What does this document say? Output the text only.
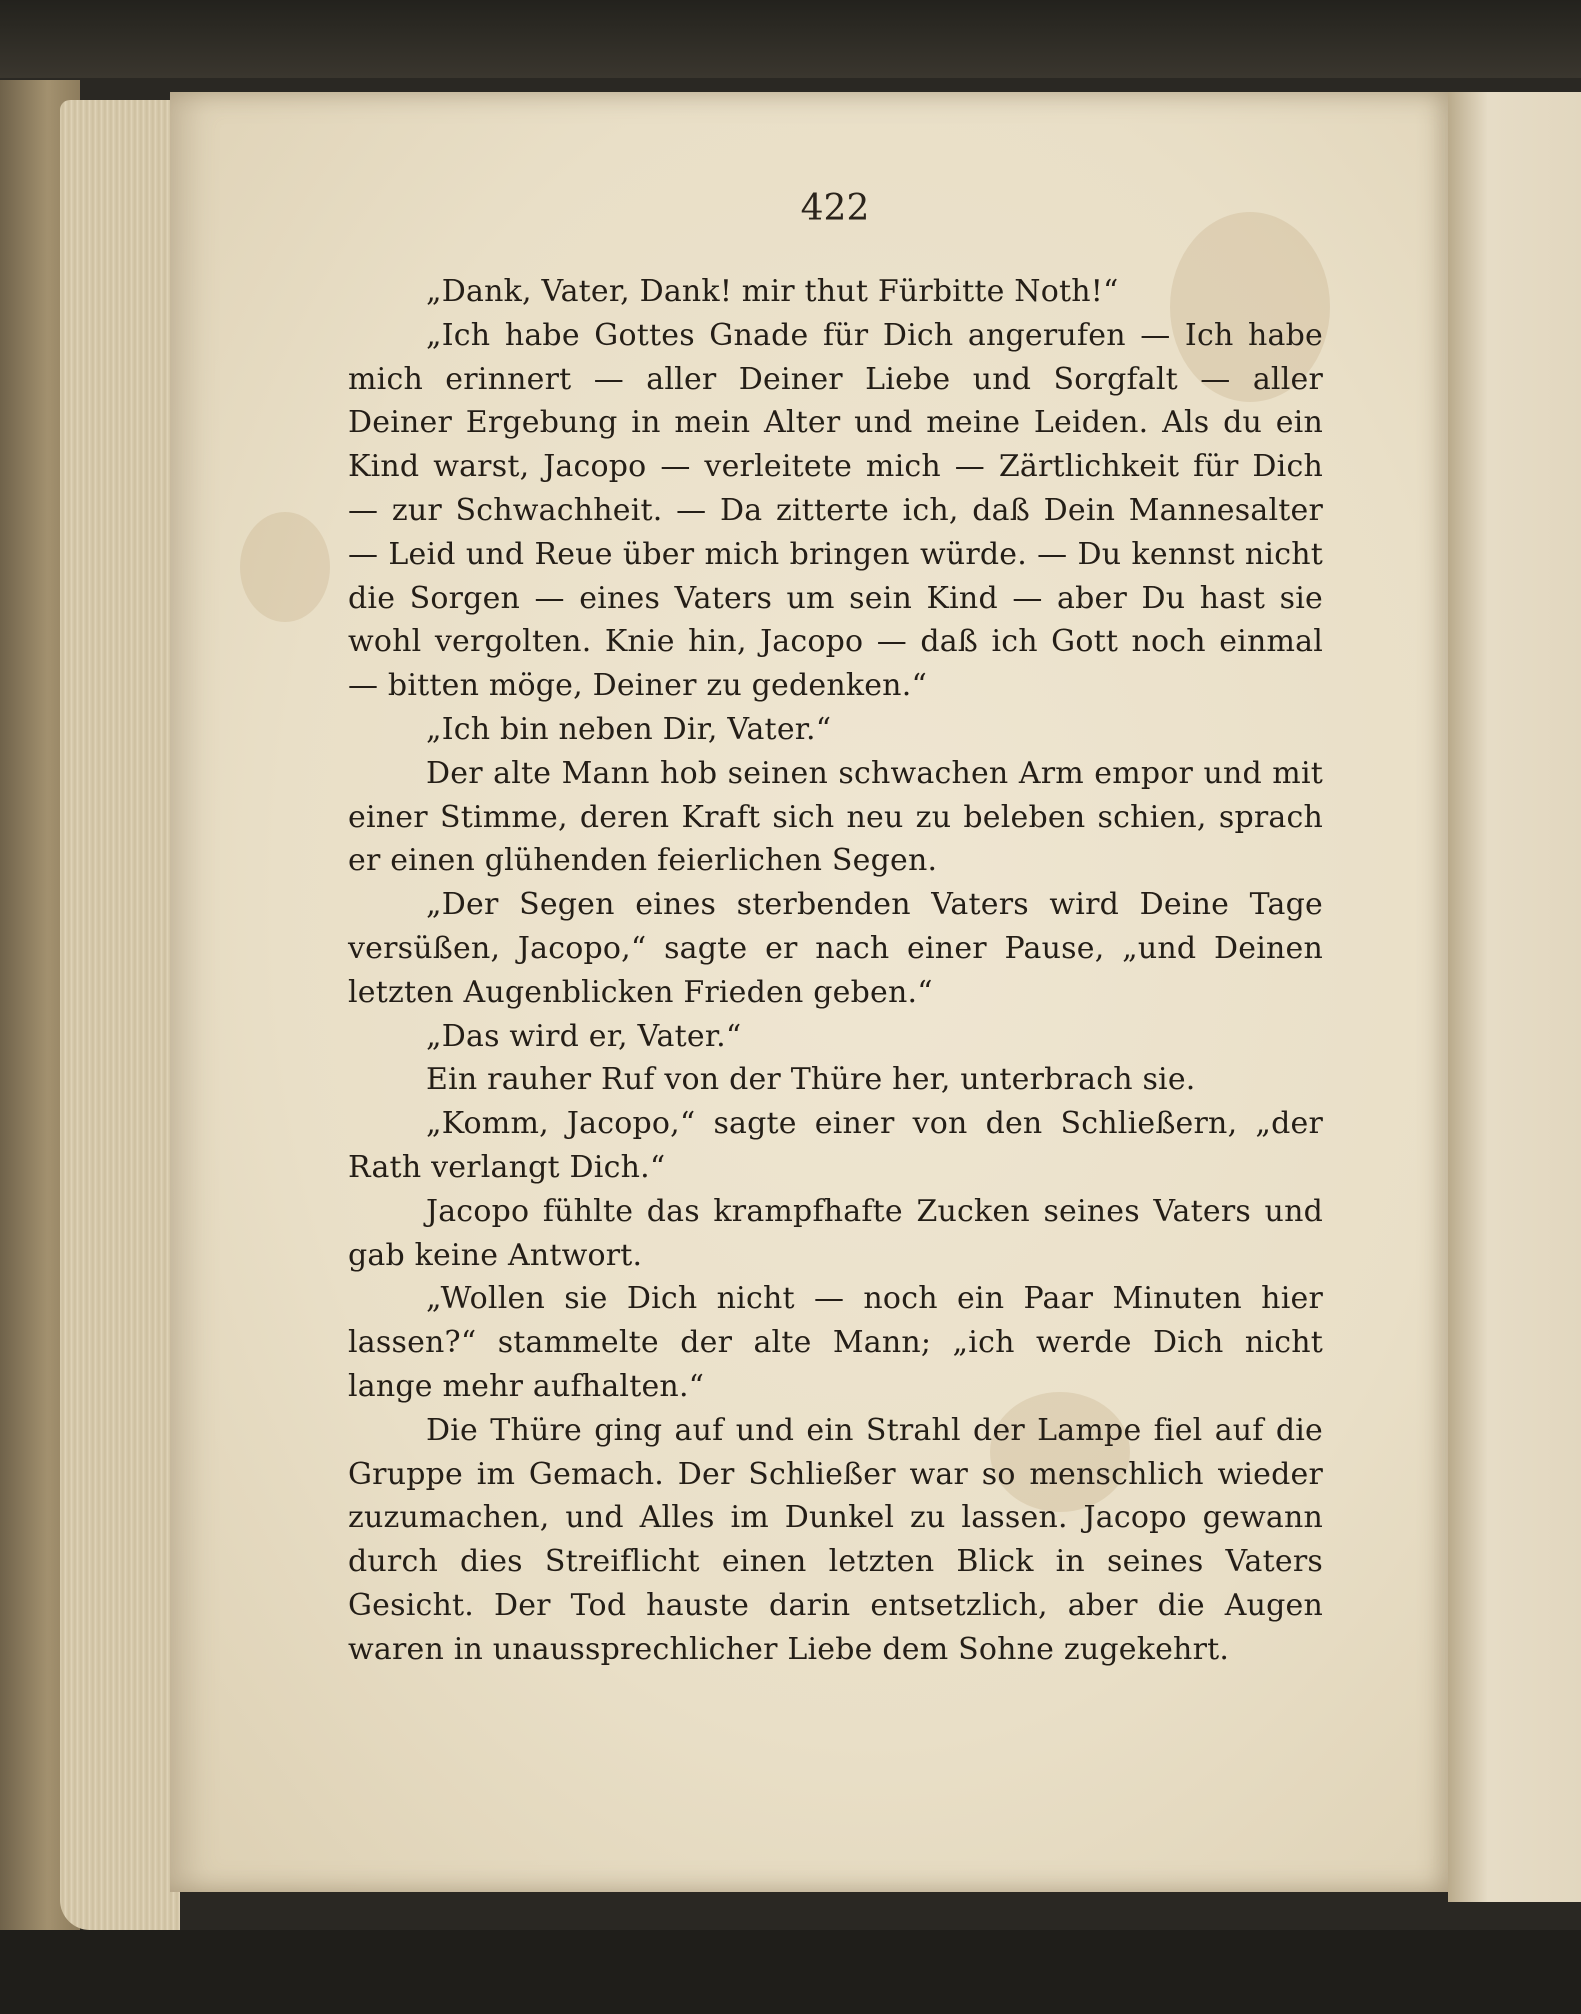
422

„Dank, Vater, Dank! mir thut Fürbitte Noth!“

„Ich habe Gottes Gnade für Dich angerufen — Ich habe mich erinnert — aller Deiner Liebe und Sorgfalt — aller Deiner Ergebung in mein Alter und meine Leiden. Als du ein Kind warst, Jacopo — verleitete mich — Zärtlichkeit für Dich — zur Schwachheit. — Da zitterte ich, daß Dein Mannesalter — Leid und Reue über mich bringen würde. — Du kennst nicht die Sorgen — eines Vaters um sein Kind — aber Du hast sie wohl vergolten. Knie hin, Jacopo — daß ich Gott noch einmal — bitten möge, Deiner zu gedenken.“

„Ich bin neben Dir, Vater.“

Der alte Mann hob seinen schwachen Arm empor und mit einer Stimme, deren Kraft sich neu zu beleben schien, sprach er einen glühenden feierlichen Segen.

„Der Segen eines sterbenden Vaters wird Deine Tage versüßen, Jacopo,“ sagte er nach einer Pause, „und Deinen letzten Augenblicken Frieden geben.“

„Das wird er, Vater.“

Ein rauher Ruf von der Thüre her, unterbrach sie.

„Komm, Jacopo,“ sagte einer von den Schließern, „der Rath verlangt Dich.“

Jacopo fühlte das krampfhafte Zucken seines Vaters und gab keine Antwort.

„Wollen sie Dich nicht — noch ein Paar Minuten hier lassen?“ stammelte der alte Mann; „ich werde Dich nicht lange mehr aufhalten.“

Die Thüre ging auf und ein Strahl der Lampe fiel auf die Gruppe im Gemach. Der Schließer war so menschlich wieder zuzumachen, und Alles im Dunkel zu lassen. Jacopo gewann durch dies Streiflicht einen letzten Blick in seines Vaters Gesicht. Der Tod hauste darin entsetzlich, aber die Augen waren in unaussprechlicher Liebe dem Sohne zugekehrt.
